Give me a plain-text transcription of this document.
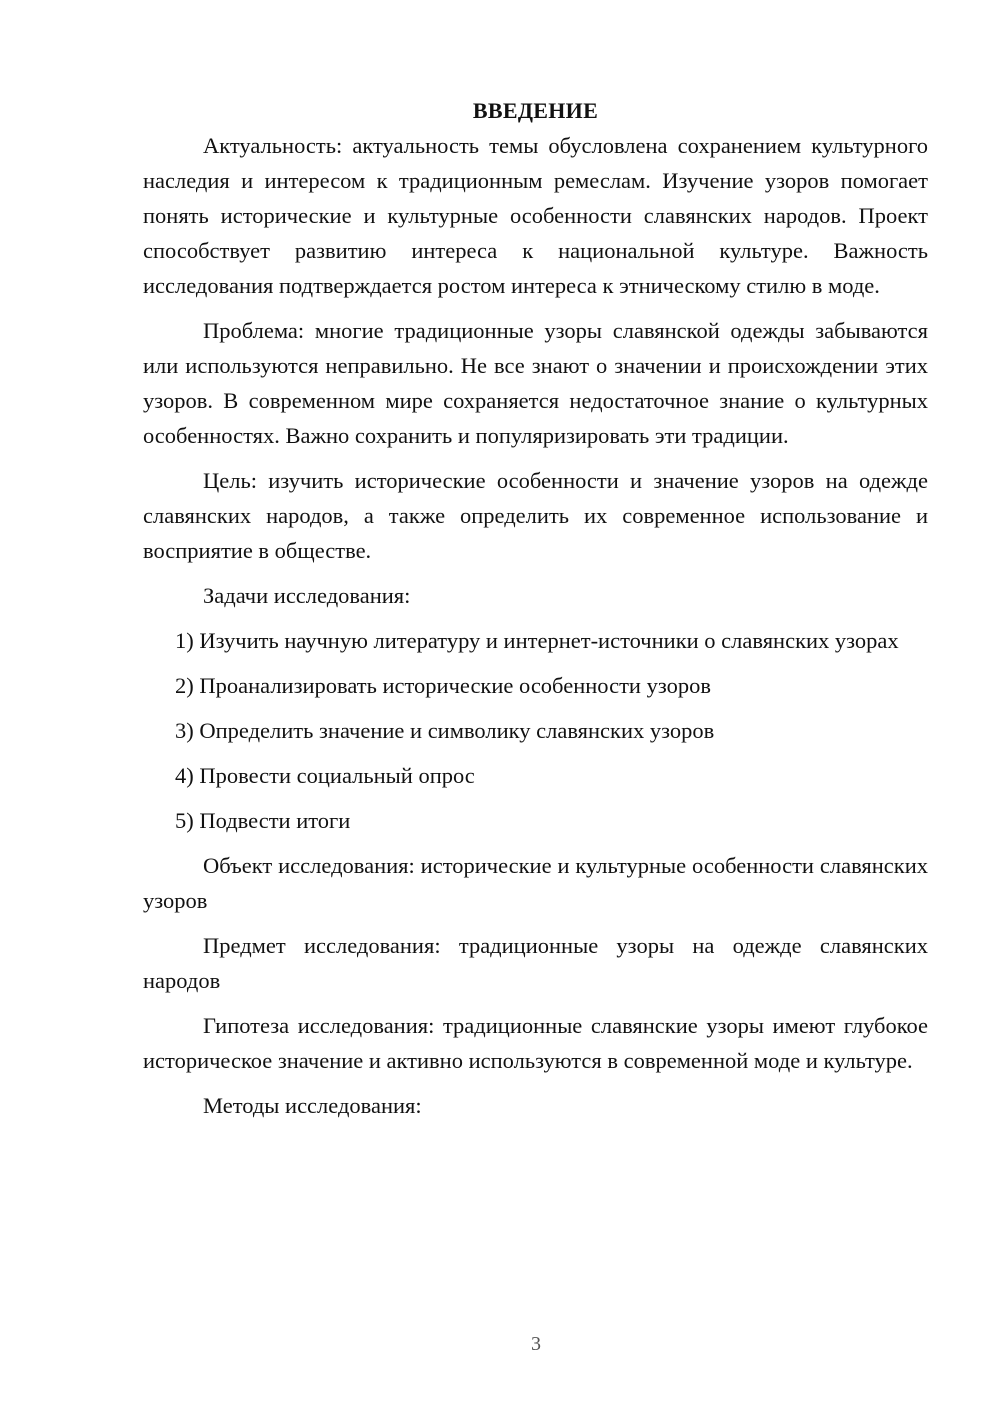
ВВЕДЕНИЕ

Актуальность: актуальность темы обусловлена сохранением культурного наследия и интересом к традиционным ремеслам. Изучение узоров помогает понять исторические и культурные особенности славянских народов. Проект способствует развитию интереса к национальной культуре. Важность исследования подтверждается ростом интереса к этническому стилю в моде.

Проблема: многие традиционные узоры славянской одежды забываются или используются неправильно. Не все знают о значении и происхождении этих узоров. В современном мире сохраняется недостаточное знание о культурных особенностях. Важно сохранить и популяризировать эти традиции.

Цель: изучить исторические особенности и значение узоров на одежде славянских народов, а также определить их современное использование и восприятие в обществе.

Задачи исследования:

1) Изучить научную литературу и интернет-источники о славянских узорах

2) Проанализировать исторические особенности узоров

3) Определить значение и символику славянских узоров

4) Провести социальный опрос

5) Подвести итоги

Объект исследования: исторические и культурные особенности славянских узоров

Предмет исследования: традиционные узоры на одежде славянских народов

Гипотеза исследования: традиционные славянские узоры имеют глубокое историческое значение и активно используются в современной моде и культуре.

Методы исследования:

3
